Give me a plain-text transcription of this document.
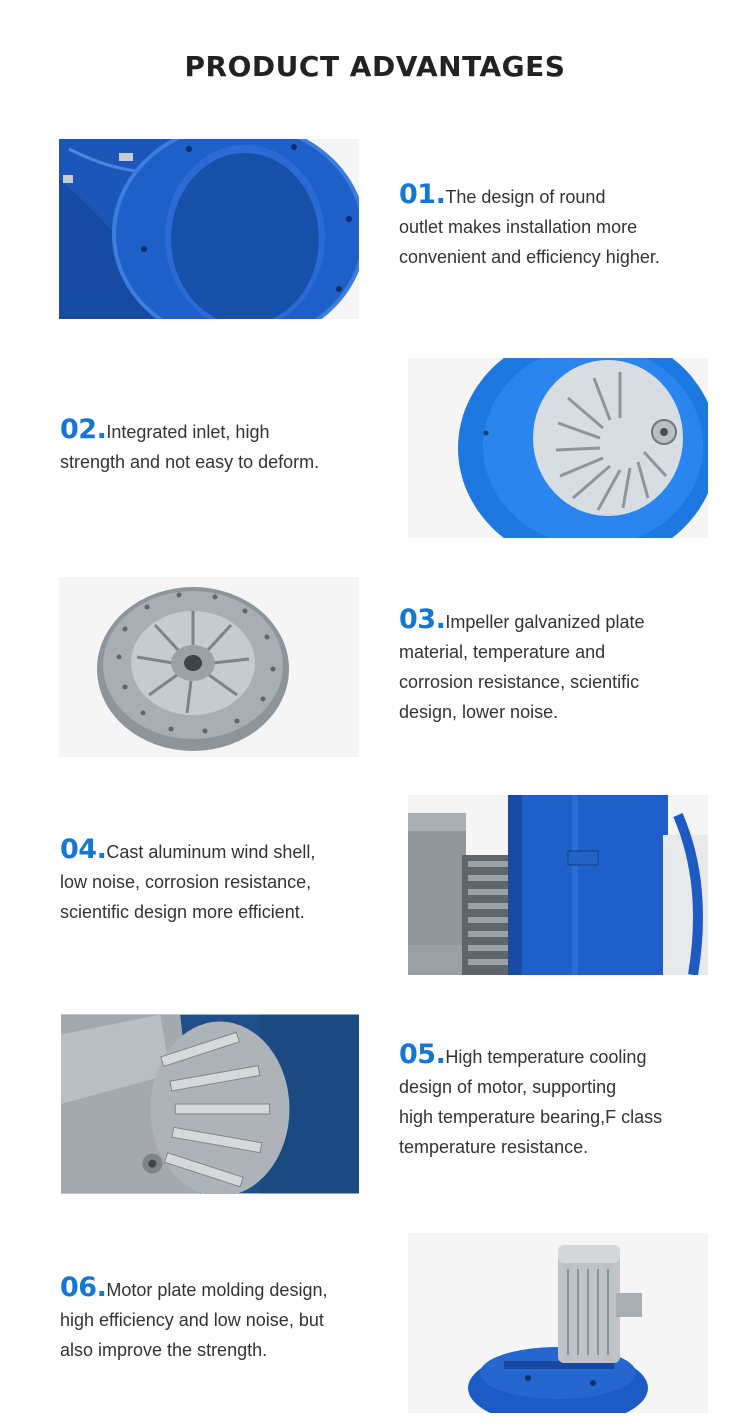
PRODUCT ADVANTAGES
01.The design of round
outlet makes installation more
convenient and efficiency higher.
02.Integrated inlet, high
strength and not easy to deform.
03.Impeller galvanized plate
material, temperature and
corrosion resistance, scientific
design, lower noise.
04.Cast aluminum wind shell,
low noise, corrosion resistance,
scientific design more efficient.
05.High temperature cooling
design of motor, supporting
high temperature bearing,F class
temperature resistance.
06.Motor plate molding design,
high efficiency and low noise, but
also improve the strength.
